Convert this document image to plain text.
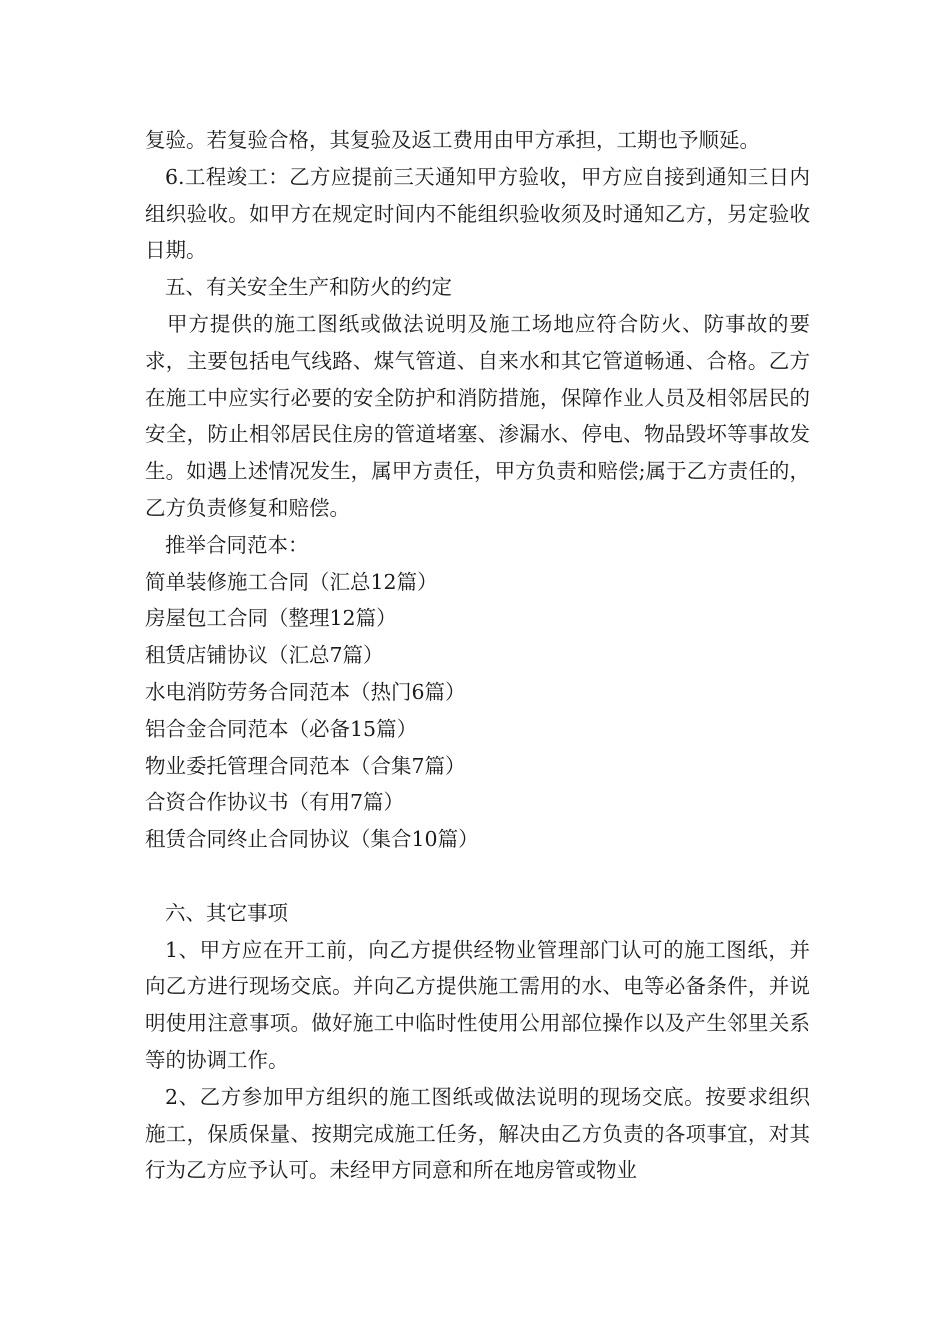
复验。若复验合格，其复验及返工费用由甲方承担，工期也予顺延。

6.工程竣工：乙方应提前三天通知甲方验收，甲方应自接到通知三日内组织验收。如甲方在规定时间内不能组织验收须及时通知乙方，另定验收日期。

五、有关安全生产和防火的约定

甲方提供的施工图纸或做法说明及施工场地应符合防火、防事故的要求，主要包括电气线路、煤气管道、自来水和其它管道畅通、合格。乙方在施工中应实行必要的安全防护和消防措施，保障作业人员及相邻居民的安全，防止相邻居民住房的管道堵塞、渗漏水、停电、物品毁坏等事故发生。如遇上述情况发生，属甲方责任，甲方负责和赔偿;属于乙方责任的，乙方负责修复和赔偿。

推举合同范本：

简单装修施工合同（汇总12篇）

房屋包工合同（整理12篇）

租赁店铺协议（汇总7篇）

水电消防劳务合同范本（热门6篇）

铝合金合同范本（必备15篇）

物业委托管理合同范本（合集7篇）

合资合作协议书（有用7篇）

租赁合同终止合同协议（集合10篇）

六、其它事项

1、甲方应在开工前，向乙方提供经物业管理部门认可的施工图纸，并向乙方进行现场交底。并向乙方提供施工需用的水、电等必备条件，并说明使用注意事项。做好施工中临时性使用公用部位操作以及产生邻里关系等的协调工作。

2、乙方参加甲方组织的施工图纸或做法说明的现场交底。按要求组织施工，保质保量、按期完成施工任务，解决由乙方负责的各项事宜，对其行为乙方应予认可。未经甲方同意和所在地房管或物业
